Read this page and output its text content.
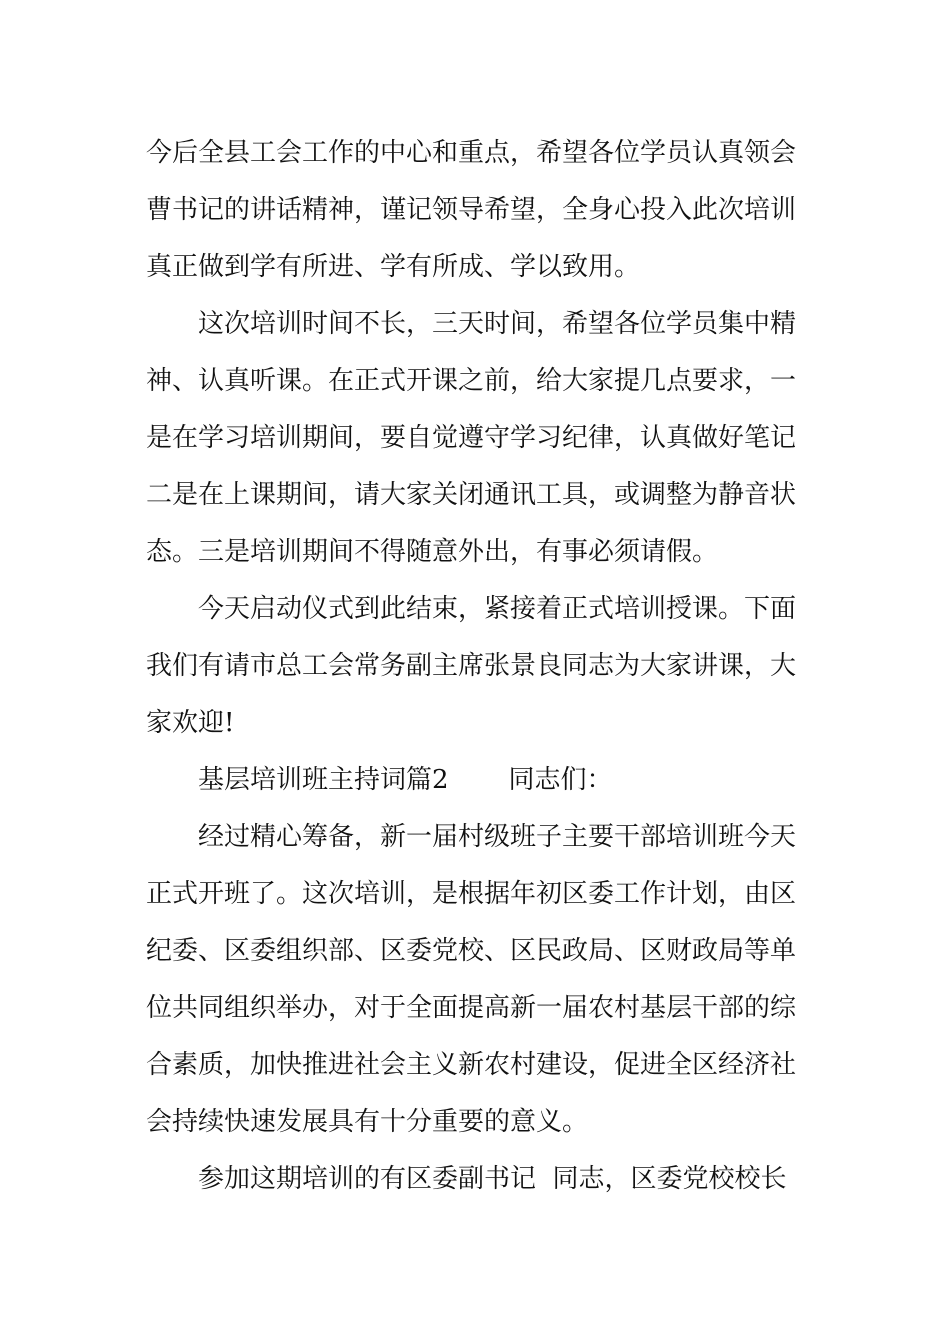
今后全县工会工作的中心和重点，希望各位学员认真领会
曹书记的讲话精神，谨记领导希望，全身心投入此次培训
真正做到学有所进、学有所成、学以致用。
这次培训时间不长，三天时间，希望各位学员集中精
神、认真听课。在正式开课之前，给大家提几点要求，一
是在学习培训期间，要自觉遵守学习纪律，认真做好笔记
二是在上课期间，请大家关闭通讯工具，或调整为静音状
态。三是培训期间不得随意外出，有事必须请假。
今天启动仪式到此结束，紧接着正式培训授课。下面
我们有请市总工会常务副主席张景良同志为大家讲课，大
家欢迎!
基层培训班主持词篇2 同志们：
经过精心筹备，新一届村级班子主要干部培训班今天
正式开班了。这次培训，是根据年初区委工作计划，由区
纪委、区委组织部、区委党校、区民政局、区财政局等单
位共同组织举办，对于全面提高新一届农村基层干部的综
合素质，加快推进社会主义新农村建设，促进全区经济社
会持续快速发展具有十分重要的意义。
参加这期培训的有区委副书记  同志，区委党校校长
